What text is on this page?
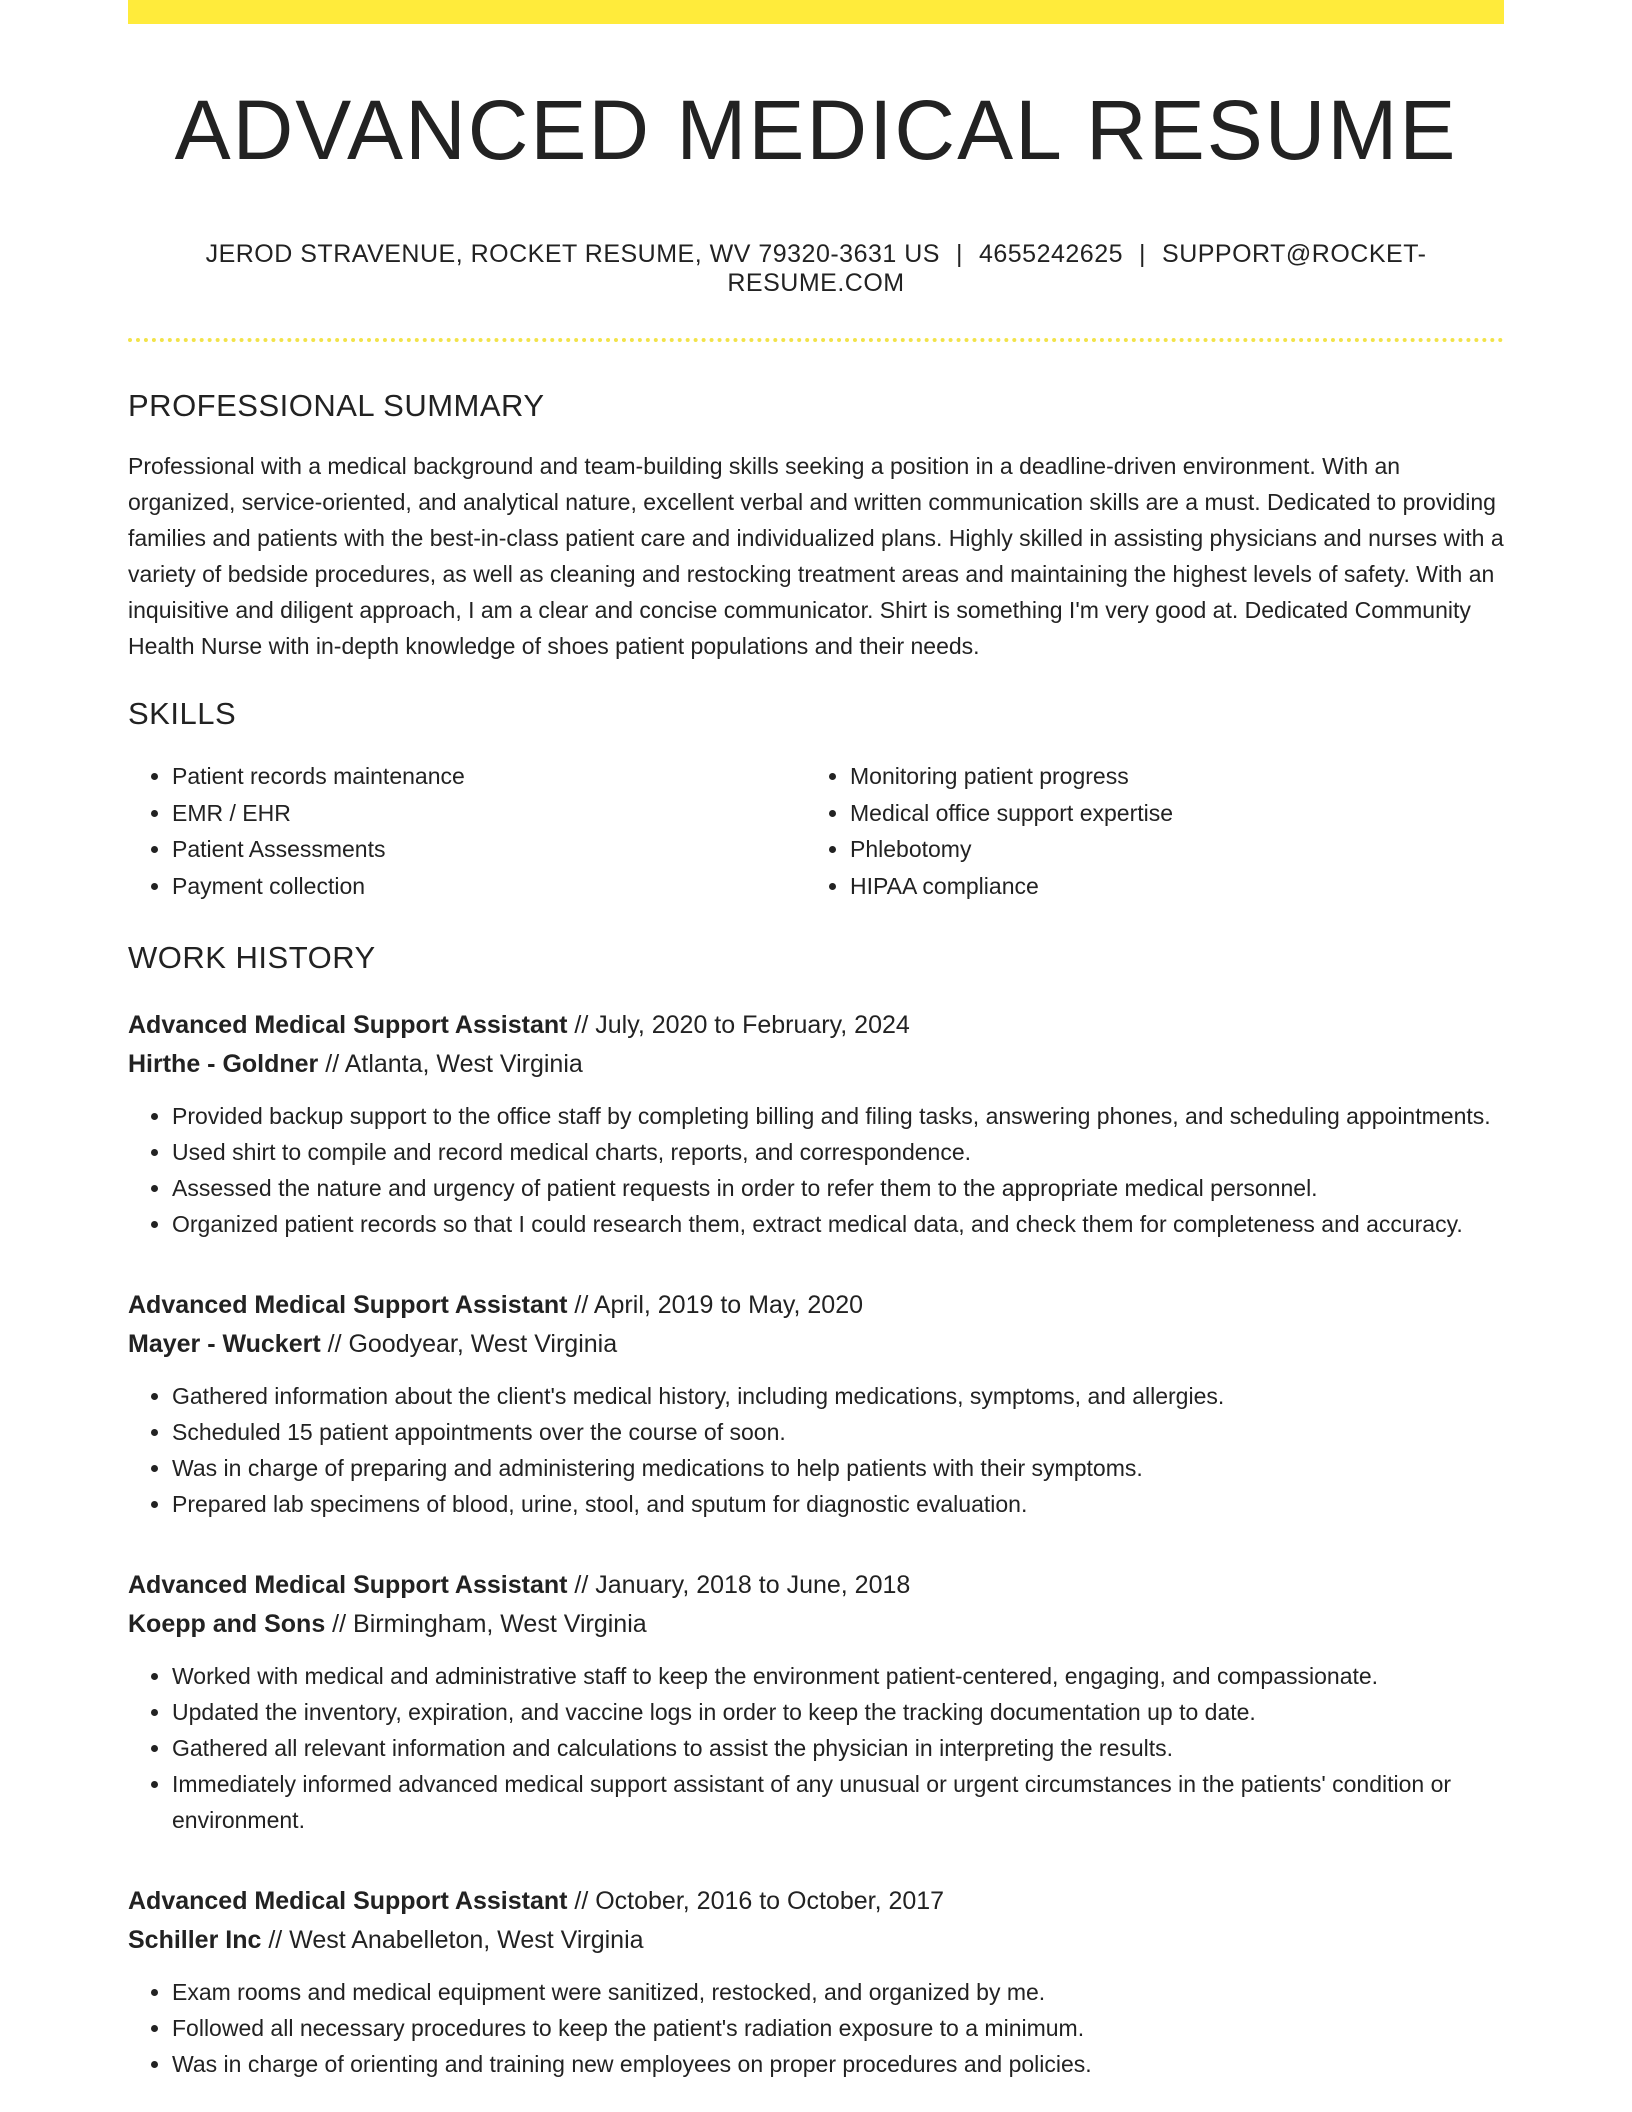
ADVANCED MEDICAL RESUME
JEROD STRAVENUE, ROCKET RESUME, WV 79320-3631 US | 4655242625 | SUPPORT@ROCKET-RESUME.COM
PROFESSIONAL SUMMARY
Professional with a medical background and team-building skills seeking a position in a deadline-driven environment. With an organized, service-oriented, and analytical nature, excellent verbal and written communication skills are a must. Dedicated to providing families and patients with the best-in-class patient care and individualized plans. Highly skilled in assisting physicians and nurses with a variety of bedside procedures, as well as cleaning and restocking treatment areas and maintaining the highest levels of safety. With an inquisitive and diligent approach, I am a clear and concise communicator. Shirt is something I'm very good at. Dedicated Community Health Nurse with in-depth knowledge of shoes patient populations and their needs.
SKILLS
• Patient records maintenance
• EMR / EHR
• Patient Assessments
• Payment collection
• Monitoring patient progress
• Medical office support expertise
• Phlebotomy
• HIPAA compliance
WORK HISTORY
Advanced Medical Support Assistant // July, 2020 to February, 2024
Hirthe - Goldner // Atlanta, West Virginia
• Provided backup support to the office staff by completing billing and filing tasks, answering phones, and scheduling appointments.
• Used shirt to compile and record medical charts, reports, and correspondence.
• Assessed the nature and urgency of patient requests in order to refer them to the appropriate medical personnel.
• Organized patient records so that I could research them, extract medical data, and check them for completeness and accuracy.
Advanced Medical Support Assistant // April, 2019 to May, 2020
Mayer - Wuckert // Goodyear, West Virginia
• Gathered information about the client's medical history, including medications, symptoms, and allergies.
• Scheduled 15 patient appointments over the course of soon.
• Was in charge of preparing and administering medications to help patients with their symptoms.
• Prepared lab specimens of blood, urine, stool, and sputum for diagnostic evaluation.
Advanced Medical Support Assistant // January, 2018 to June, 2018
Koepp and Sons // Birmingham, West Virginia
• Worked with medical and administrative staff to keep the environment patient-centered, engaging, and compassionate.
• Updated the inventory, expiration, and vaccine logs in order to keep the tracking documentation up to date.
• Gathered all relevant information and calculations to assist the physician in interpreting the results.
• Immediately informed advanced medical support assistant of any unusual or urgent circumstances in the patients' condition or environment.
Advanced Medical Support Assistant // October, 2016 to October, 2017
Schiller Inc // West Anabelleton, West Virginia
• Exam rooms and medical equipment were sanitized, restocked, and organized by me.
• Followed all necessary procedures to keep the patient's radiation exposure to a minimum.
• Was in charge of orienting and training new employees on proper procedures and policies.
